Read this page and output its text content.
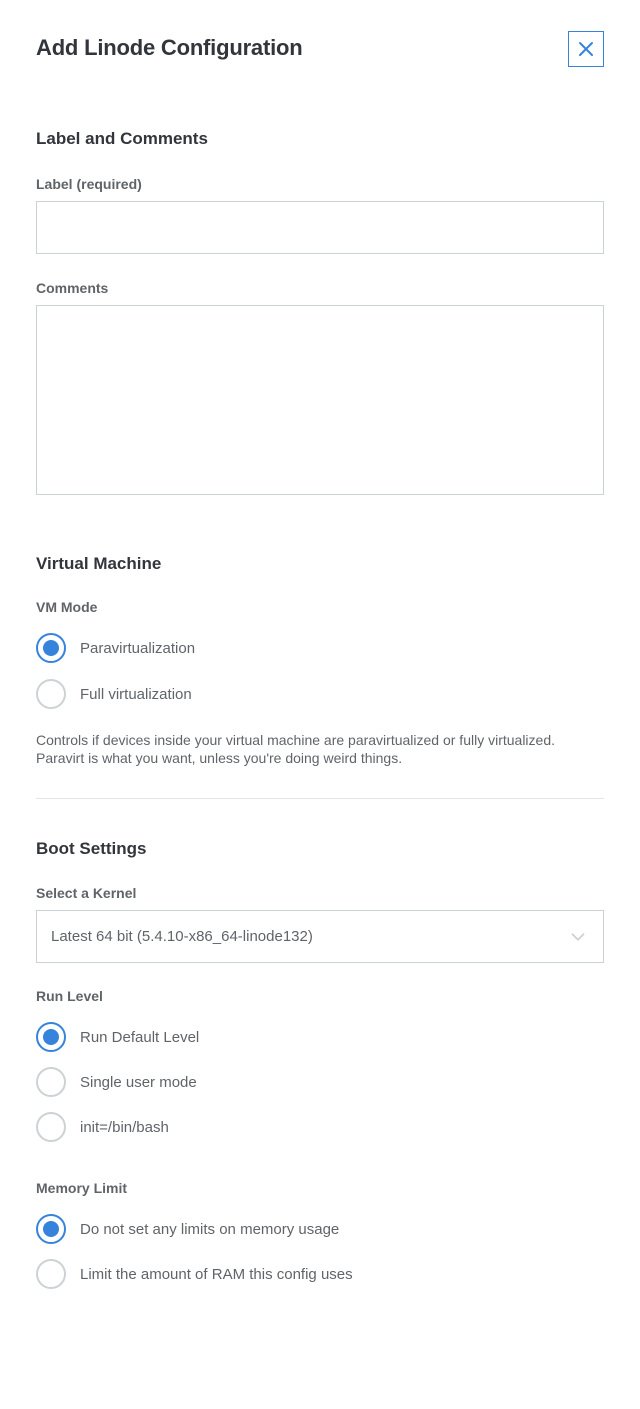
Add Linode Configuration
Label and Comments
Label (required)
Comments
Virtual Machine
VM Mode
Paravirtualization
Full virtualization

Controls if devices inside your virtual machine are paravirtualized or fully virtualized. Paravirt is what you want, unless you're doing weird things.

Boot Settings
Select a Kernel
Latest 64 bit (5.4.10-x86_64-linode132)
Run Level
Run Default Level
Single user mode
init=/bin/bash
Memory Limit
Do not set any limits on memory usage
Limit the amount of RAM this config uses
